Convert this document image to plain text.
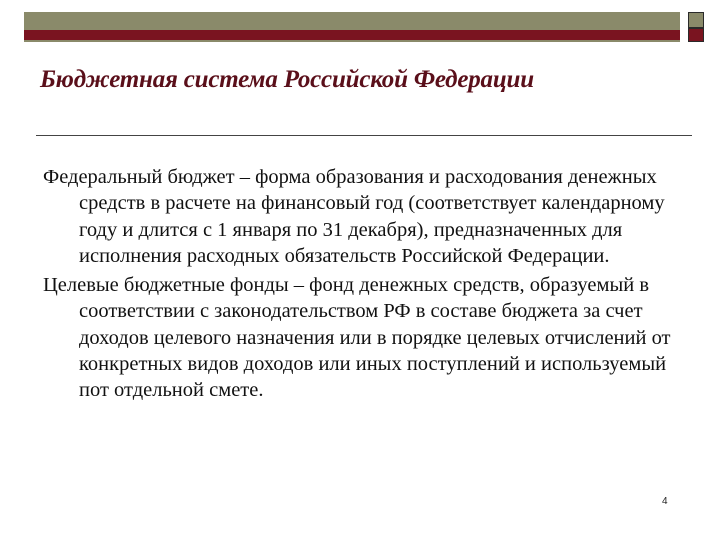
Бюджетная система Российской Федерации

Федеральный бюджет – форма образования и расходования денежных средств в расчете на финансовый год (соответствует календарному году и длится с 1 января по 31 декабря), предназначенных для исполнения расходных обязательств Российской Федерации.

Целевые бюджетные фонды – фонд денежных средств, образуемый в соответствии с законодательством РФ в составе бюджета за счет доходов целевого назначения или в порядке целевых отчислений от конкретных видов доходов или иных поступлений и используемый пот отдельной смете.

4
